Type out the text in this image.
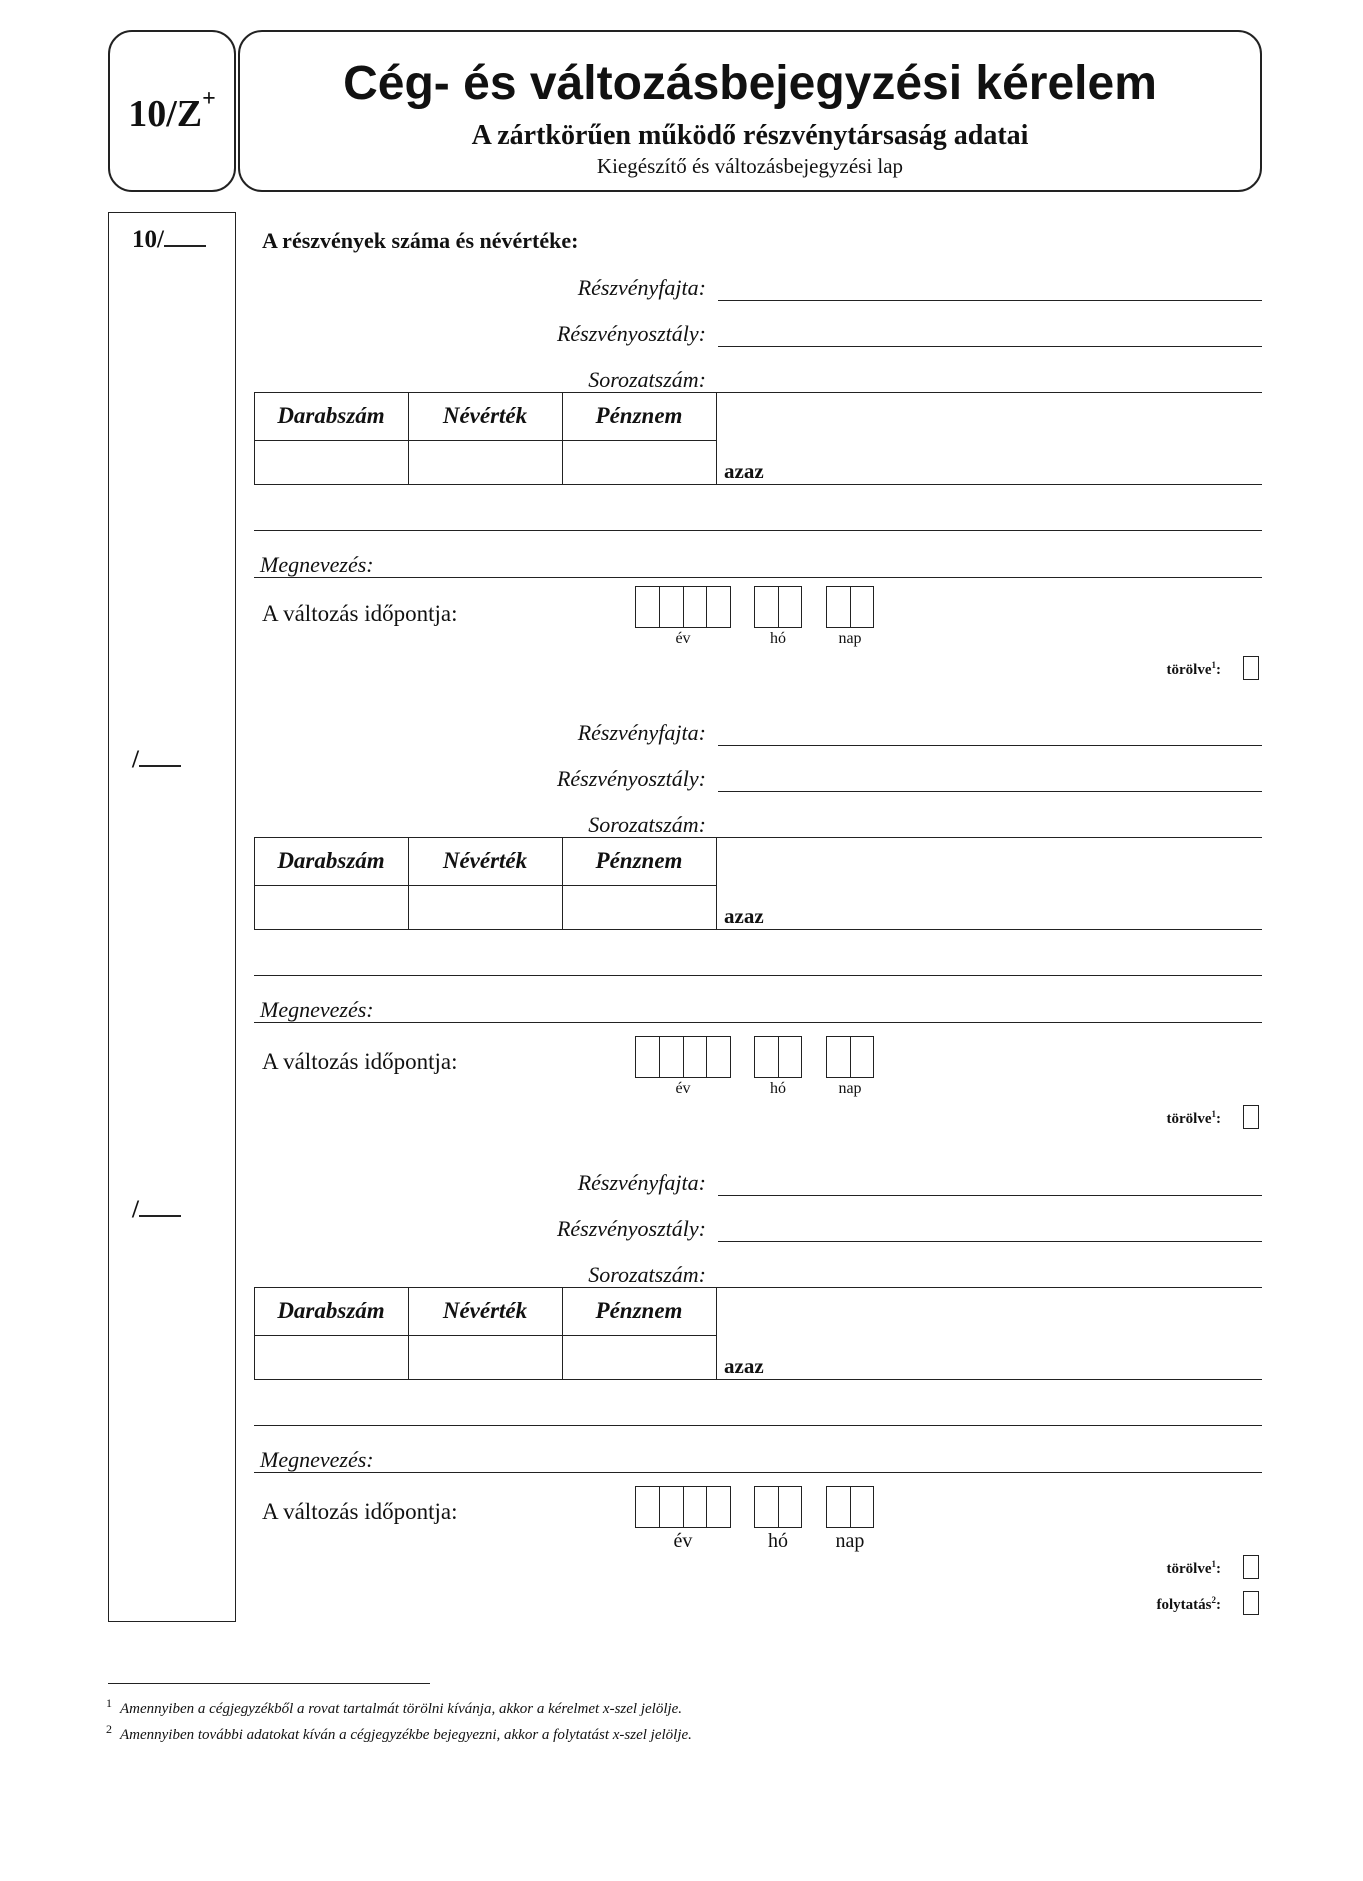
10/Z+	Cég- és változásbejegyzési kérelem
A zártkörűen működő részvénytársaság adatai
Kiegészítő és változásbejegyzési lap
A részvények száma és névértéke:
10/
Részvényfajta:
Részvényosztály:
Sorozatszám:
Darabszám	Névérték	Pénznem
azaz
Megnevezés:
A változás időpontja:
év	hó	nap
törölve$^1$:
/
Részvényfajta:
Részvényosztály:
Sorozatszám:
Darabszám	Névérték	Pénznem
azaz
Megnevezés:
A változás időpontja:
év	hó	nap
törölve$^1$:
/
Részvényfajta:
Részvényosztály:
Sorozatszám:
Darabszám	Névérték	Pénznem
azaz
Megnevezés:
A változás időpontja:
év	hó	nap
törölve$^1$:
folytatás$^2$:
$^1$ Amennyiben a cégjegyzékből a rovat tartalmát törölni kívánja, akkor a kérelmet x-szel jelölje.
$^2$ Amennyiben további adatokat kíván a cégjegyzékbe bejegyezni, akkor a folytatást x-szel jelölje.
